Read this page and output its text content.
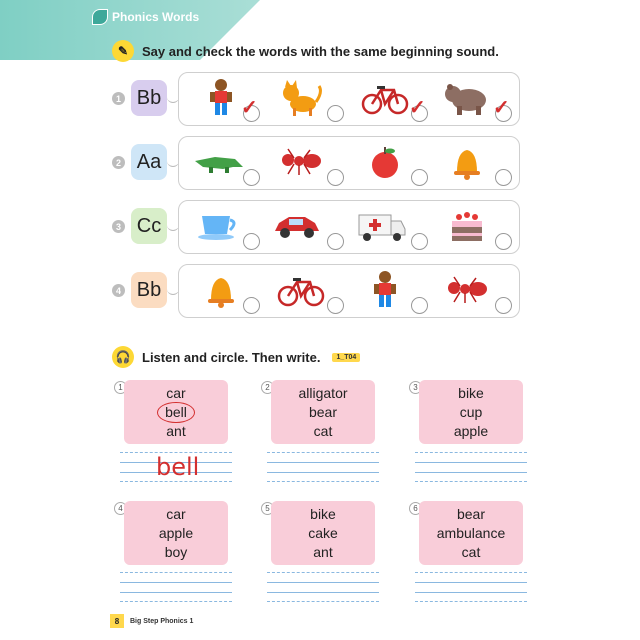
Phonics Words
✎	Say and check the words with the same beginning sound.
1 Bb	✓	✓	✓
2 Aa
3 Cc
4 Bb
🎧 Listen and circle. Then write.	1_T04
1	car
bell
ant
bell
2	alligator
bear
cat
3	bike
cup
apple
4	car
apple
boy
5	bike
cake
ant
6	bear
ambulance
cat
8	Big Step Phonics 1
